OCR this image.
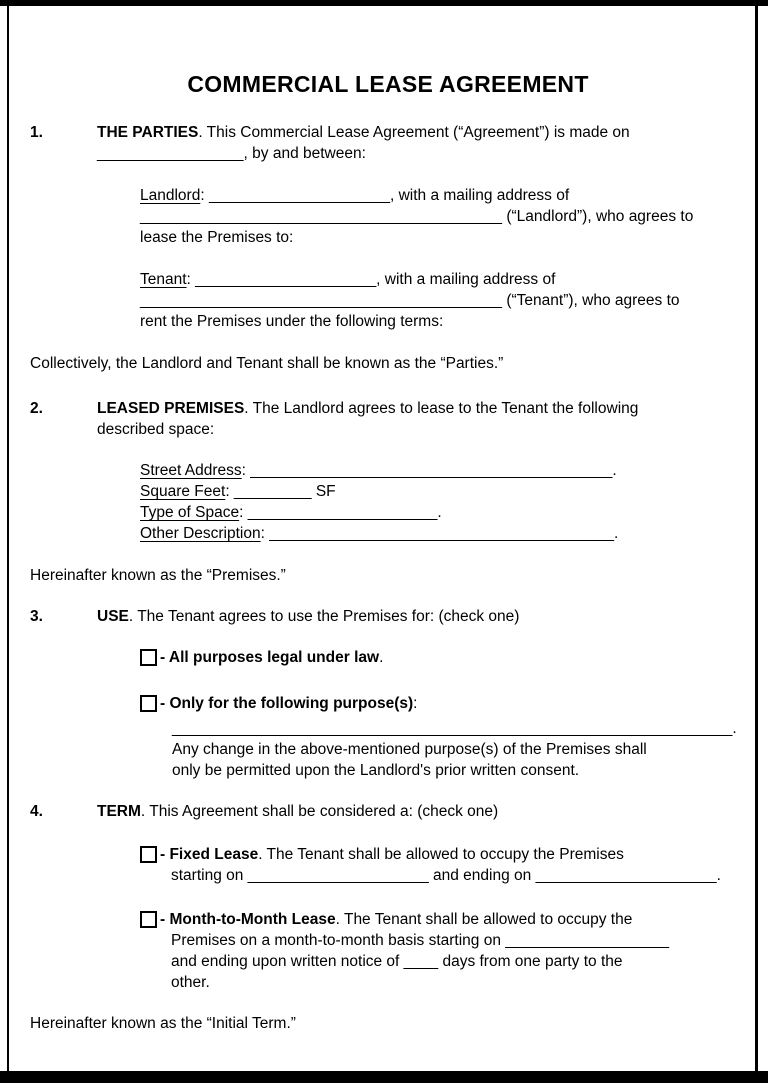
COMMERCIAL LEASE AGREEMENT
1.	THE PARTIES. This Commercial Lease Agreement (“Agreement”) is made on
_________________, by and between:
Landlord: _____________________, with a mailing address of
__________________________________________ (“Landlord”), who agrees to
lease the Premises to:
Tenant: _____________________, with a mailing address of
__________________________________________ (“Tenant”), who agrees to
rent the Premises under the following terms:

Collectively, the Landlord and Tenant shall be known as the “Parties.”

2.	LEASED PREMISES. The Landlord agrees to lease to the Tenant the following
described space:
Street Address: __________________________________________.
Square Feet: _________ SF
Type of Space: ______________________.
Other Description: ________________________________________.

Hereinafter known as the “Premises.”

3.	USE. The Tenant agrees to use the Premises for: (check one)
- All purposes legal under law.
- Only for the following purpose(s):
_________________________________________________________________.
Any change in the above-mentioned purpose(s) of the Premises shall
only be permitted upon the Landlord's prior written consent.
4.	TERM. This Agreement shall be considered a: (check one)
- Fixed Lease. The Tenant shall be allowed to occupy the Premises
starting on _____________________ and ending on _____________________.
- Month-to-Month Lease. The Tenant shall be allowed to occupy the
Premises on a month-to-month basis starting on ___________________
and ending upon written notice of ____ days from one party to the
other.

Hereinafter known as the “Initial Term.”
